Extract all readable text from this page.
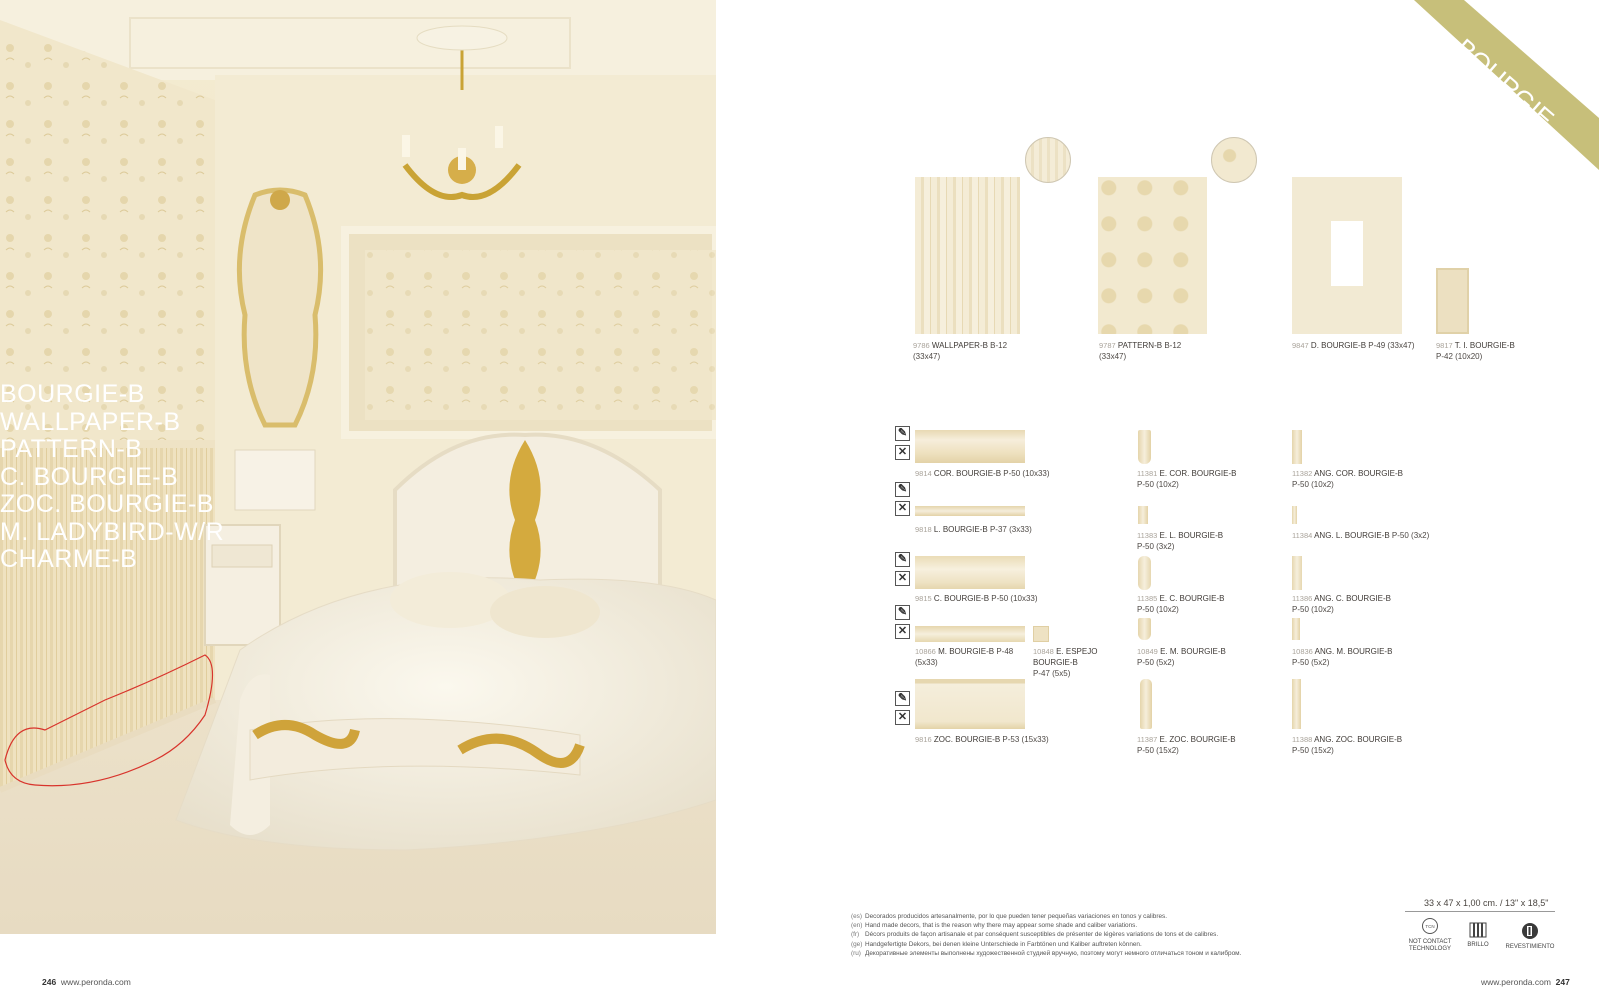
BOURGIE-B
WALLPAPER-B
PATTERN-B
C. BOURGIE-B
ZOC. BOURGIE-B
M. LADYBIRD-W/R
CHARME-B
246 www.peronda.com
BOURGIE
9786 WALLPAPER-B B-12
(33x47)
9787 PATTERN-B B-12
(33x47)
9847 D. BOURGIE-B P-49 (33x47)	9817 T. I. BOURGIE-B
P-42 (10x20)
✎
✕
✎
✕
✎
✕
✎
✕
✎
✕
9814 COR. BOURGIE-B P-50 (10x33)
9818 L. BOURGIE-B P-37 (3x33)
9815 C. BOURGIE-B P-50 (10x33)
10866 M. BOURGIE-B P-48
(5x33)
10848 E. ESPEJO
BOURGIE-B
P-47 (5x5)
9816 ZOC. BOURGIE-B P-53 (15x33)
11381 E. COR. BOURGIE-B
P-50 (10x2)
11383 E. L. BOURGIE-B
P-50 (3x2)
11385 E. C. BOURGIE-B
P-50 (10x2)
10849 E. M. BOURGIE-B
P-50 (5x2)
11387 E. ZOC. BOURGIE-B
P-50 (15x2)
11382 ANG. COR. BOURGIE-B
P-50 (10x2)
11384 ANG. L. BOURGIE-B P-50 (3x2)
11386 ANG. C. BOURGIE-B
P-50 (10x2)
10836 ANG. M. BOURGIE-B
P-50 (5x2)
11388 ANG. ZOC. BOURGIE-B
P-50 (15x2)
(es) Decorados producidos artesanalmente, por lo que pueden tener pequeñas variaciones en tonos y calibres.
(en) Hand made decors, that is the reason why there may appear some shade and caliber variations.
(fr) Décors produits de façon artisanale et par conséquent susceptibles de présenter de légères variations de tons et de calibres.
(ge) Handgefertigte Dekors, bei denen kleine Unterschiede in Farbtönen und Kaliber auftreten können.
(ru) Декоративные элементы выполнены художественной студией вручную, поэтому могут немного отличаться тоном и калибром.
33 x 47 x 1,00 cm. / 13" x 18,5"
TCN

NOT CONTACT
TECHNOLOGY

BRILLO	REVESTIMIENTO
www.peronda.com 247
